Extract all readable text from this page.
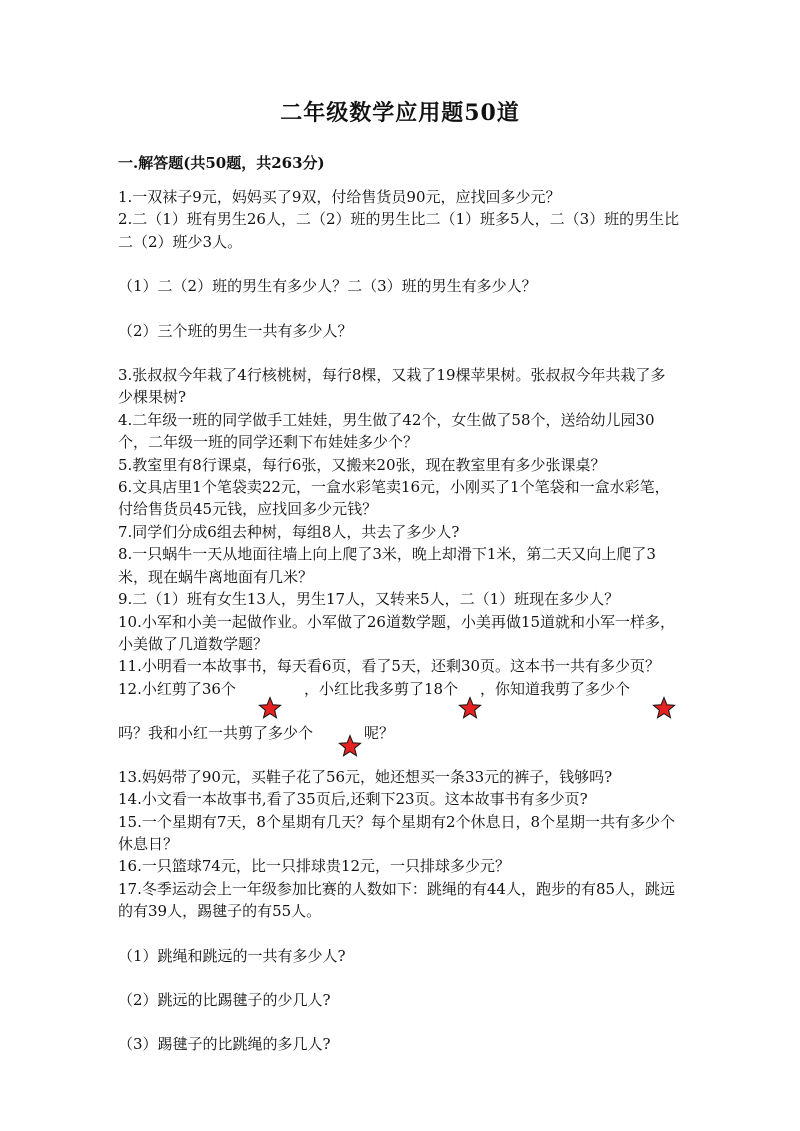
二年级数学应用题50道
一.解答题(共50题，共263分)

1.一双袜子9元，妈妈买了9双，付给售货员90元，应找回多少元？

2.二（1）班有男生26人，二（2）班的男生比二（1）班多5人，二（3）班的男生比二（2）班少3人。

（1）二（2）班的男生有多少人？二（3）班的男生有多少人？

（2）三个班的男生一共有多少人？

3.张叔叔今年栽了4行核桃树，每行8棵，又栽了19棵苹果树。张叔叔今年共栽了多少棵果树?

4.二年级一班的同学做手工娃娃，男生做了42个，女生做了58个，送给幼儿园30个，二年级一班的同学还剩下布娃娃多少个？

5.教室里有8行课桌，每行6张，又搬来20张，现在教室里有多少张课桌？

6.文具店里1个笔袋卖22元，一盒水彩笔卖16元，小刚买了1个笔袋和一盒水彩笔，付给售货员45元钱，应找回多少元钱？

7.同学们分成6组去种树，每组8人，共去了多少人?

8.一只蜗牛一天从地面往墙上向上爬了3米，晚上却滑下1米，第二天又向上爬了3米，现在蜗牛离地面有几米？

9.二（1）班有女生13人，男生17人，又转来5人，二（1）班现在多少人？

10.小军和小美一起做作业。小军做了26道数学题，小美再做15道就和小军一样多，小美做了几道数学题？

11.小明看一本故事书，每天看6页，看了5天，还剩30页。这本书一共有多少页？

12.小红剪了36个	，小红比我多剪了18个 ，你知道我剪了多少个
吗？我和小红一共剪了多少个	呢？

13.妈妈带了90元，买鞋子花了56元，她还想买一条33元的裤子，钱够吗?

14.小文看一本故事书,看了35页后,还剩下23页。这本故事书有多少页?

15.一个星期有7天，8个星期有几天？每个星期有2个休息日，8个星期一共有多少个休息日？

16.一只篮球74元，比一只排球贵12元，一只排球多少元？

17.冬季运动会上一年级参加比赛的人数如下：跳绳的有44人，跑步的有85人，跳远的有39人，踢毽子的有55人。

（1）跳绳和跳远的一共有多少人?

（2）跳远的比踢毽子的少几人?

（3）踢毽子的比跳绳的多几人?
